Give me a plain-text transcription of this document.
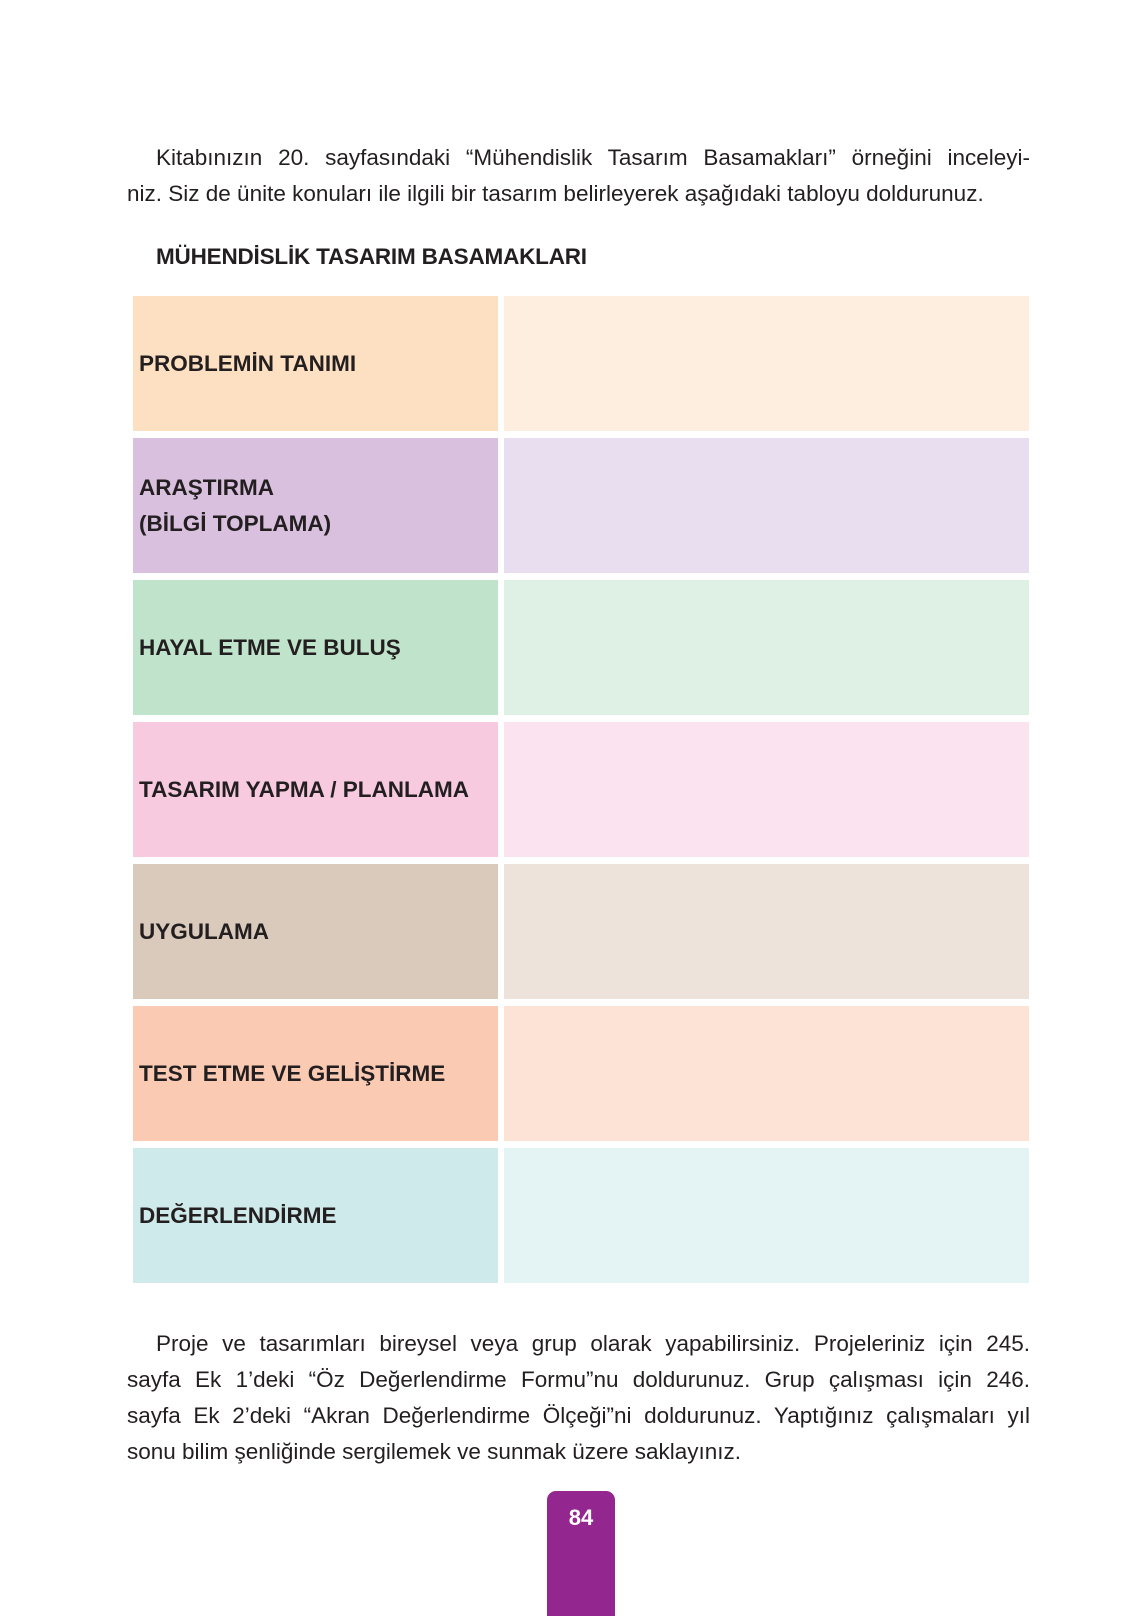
Kitabınızın 20. sayfasındaki “Mühendislik Tasarım Basamakları” örneğini inceleyi-
niz. Siz de ünite konuları ile ilgili bir tasarım belirleyerek aşağıdaki tabloyu doldurunuz.
MÜHENDİSLİK TASARIM BASAMAKLARI
PROBLEMİN TANIMI
ARAŞTIRMA
(BİLGİ TOPLAMA)
HAYAL ETME VE BULUŞ
TASARIM YAPMA / PLANLAMA
UYGULAMA
TEST ETME VE GELİŞTİRME
DEĞERLENDİRME
Proje ve tasarımları bireysel veya grup olarak yapabilirsiniz. Projeleriniz için 245.
sayfa Ek 1’deki “Öz Değerlendirme Formu”nu doldurunuz. Grup çalışması için 246.
sayfa Ek 2’deki “Akran Değerlendirme Ölçeği”ni doldurunuz. Yaptığınız çalışmaları yıl
sonu bilim şenliğinde sergilemek ve sunmak üzere saklayınız.
84
